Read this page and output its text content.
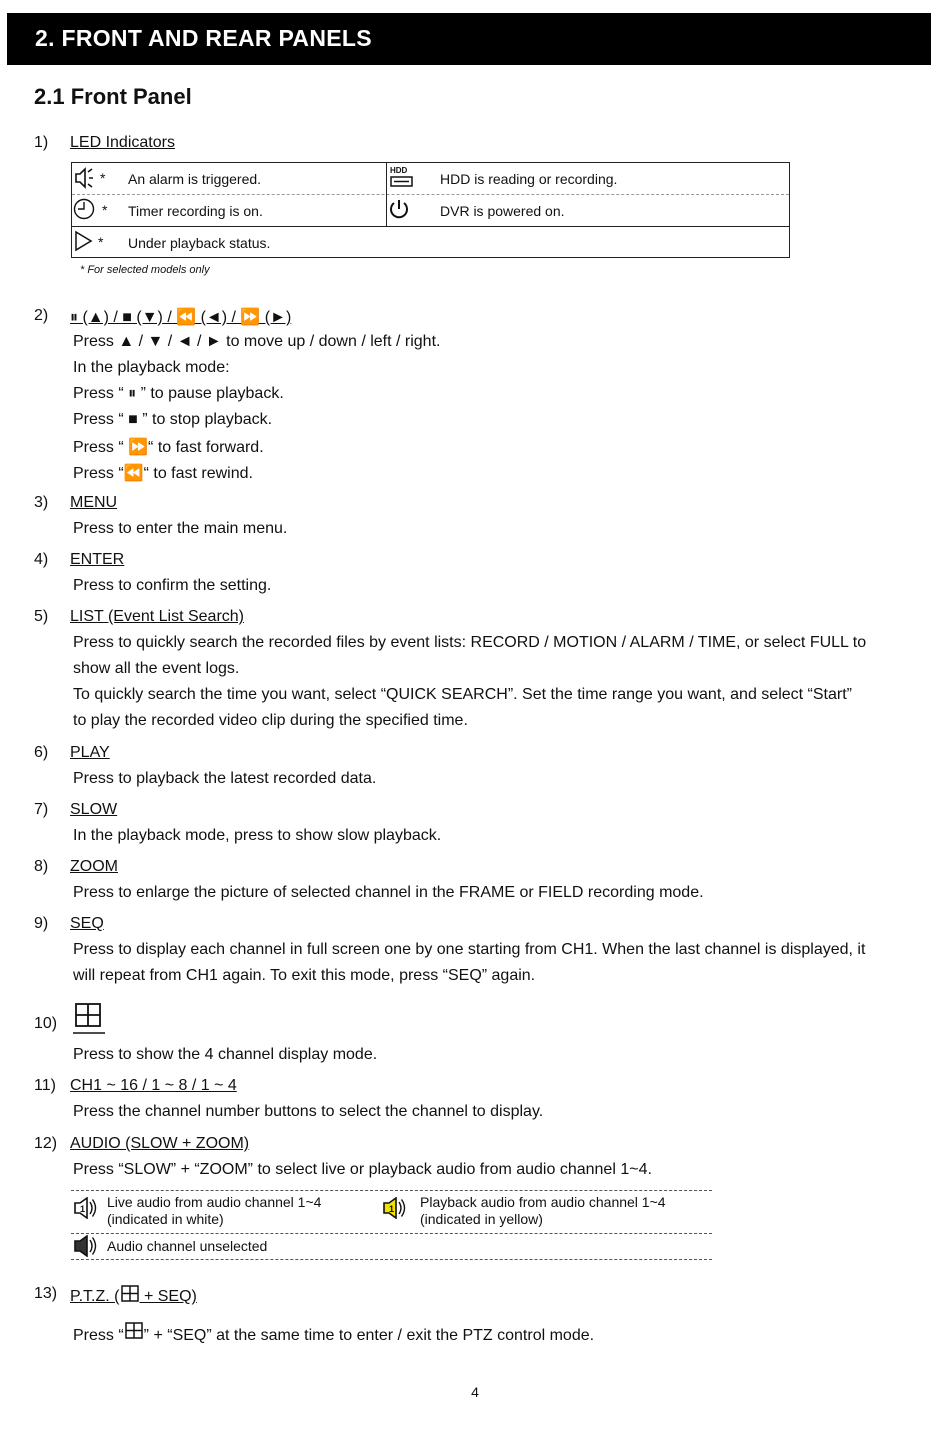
2. FRONT AND REAR PANELS
2.1 Front Panel
1) LED Indicators
* An alarm is triggered.
HDD
HDD is reading or recording.
* Timer recording is on.	DVR is powered on.
* Under playback status.
* For selected models only
2) ⏸ (▲) / ■ (▼) / ⏪ (◄) / ⏩ (►)
Press ▲ / ▼ / ◄ / ► to move up / down / left / right.
In the playback mode:
Press “ ⏸ ” to pause playback.
Press “ ■ ” to stop playback.
Press “ ⏩“ to fast forward.
Press “⏪“ to fast rewind.
3) MENU
Press to enter the main menu.
4) ENTER
Press to confirm the setting.
5) LIST (Event List Search)
Press to quickly search the recorded files by event lists: RECORD / MOTION / ALARM / TIME, or select FULL to
show all the event logs.
To quickly search the time you want, select “QUICK SEARCH”. Set the time range you want, and select “Start”
to play the recorded video clip during the specified time.
6) PLAY
Press to playback the latest recorded data.
7) SLOW
In the playback mode, press to show slow playback.
8) ZOOM
Press to enlarge the picture of selected channel in the FRAME or FIELD recording mode.
9) SEQ
Press to display each channel in full screen one by one starting from CH1. When the last channel is displayed, it
will repeat from CH1 again. To exit this mode, press “SEQ” again.
10)
Press to show the 4 channel display mode.
11) CH1 ~ 16 / 1 ~ 8 / 1 ~ 4
Press the channel number buttons to select the channel to display.
12) AUDIO (SLOW + ZOOM)
Press “SLOW” + “ZOOM” to select live or playback audio from audio channel 1~4.
1 Live audio from audio channel 1~4
(indicated in white)
1 Playback audio from audio channel 1~4
(indicated in yellow)
Audio channel unselected
13) P.T.Z. ( + SEQ)
Press “ ” + “SEQ” at the same time to enter / exit the PTZ control mode.
4
